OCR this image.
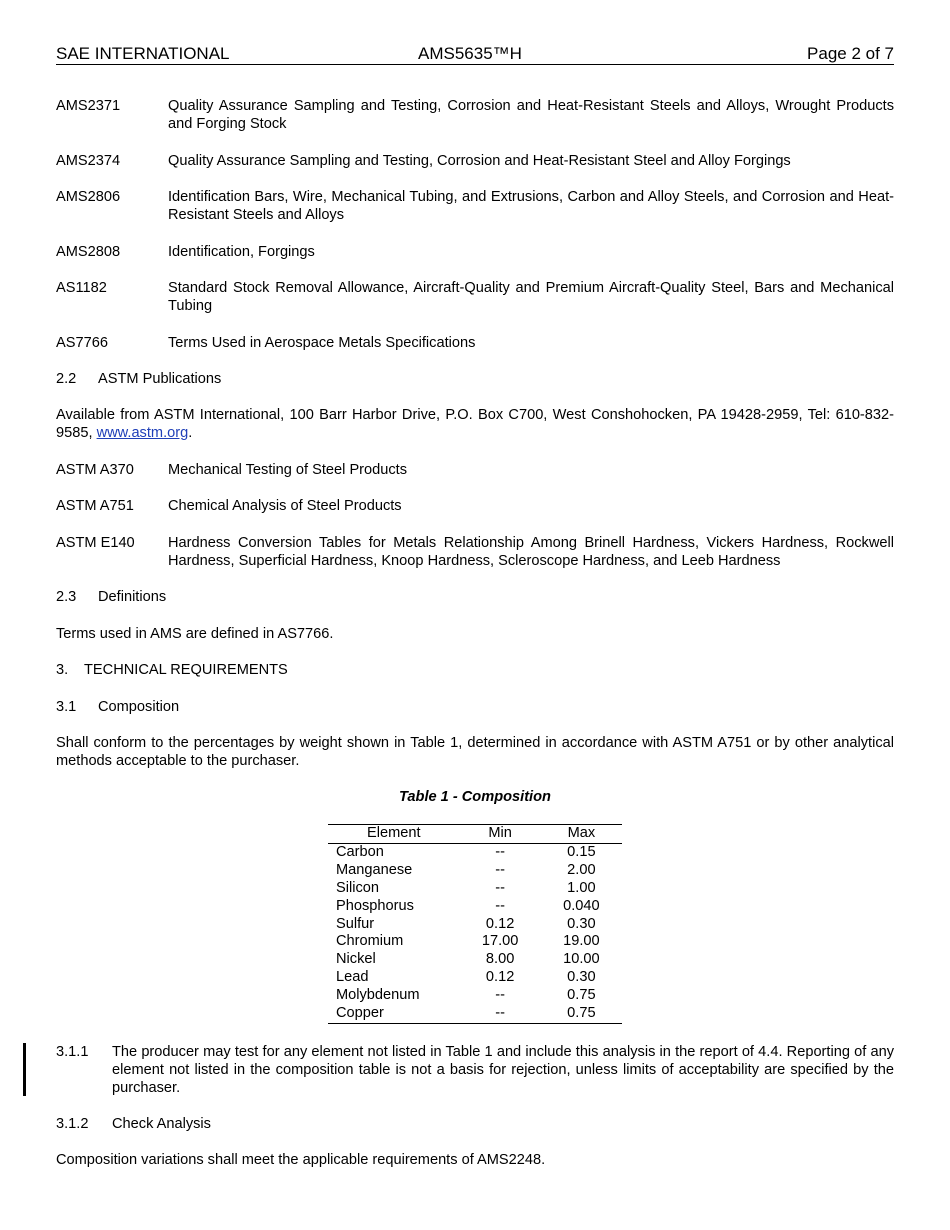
SAE INTERNATIONAL	AMS5635™H	Page 2 of 7
AMS2371	Quality Assurance Sampling and Testing, Corrosion and Heat-Resistant Steels and Alloys, Wrought Products and Forging Stock
AMS2374	Quality Assurance Sampling and Testing, Corrosion and Heat-Resistant Steel and Alloy Forgings
AMS2806	Identification Bars, Wire, Mechanical Tubing, and Extrusions, Carbon and Alloy Steels, and Corrosion and Heat-Resistant Steels and Alloys
AMS2808	Identification, Forgings
AS1182	Standard Stock Removal Allowance, Aircraft-Quality and Premium Aircraft-Quality Steel, Bars and Mechanical Tubing
AS7766	Terms Used in Aerospace Metals Specifications
2.2 ASTM Publications
Available from ASTM International, 100 Barr Harbor Drive, P.O. Box C700, West Conshohocken, PA 19428-2959, Tel: 610-832-9585, www.astm.org.
ASTM A370 Mechanical Testing of Steel Products
ASTM A751 Chemical Analysis of Steel Products
ASTM E140 Hardness Conversion Tables for Metals Relationship Among Brinell Hardness, Vickers Hardness, Rockwell Hardness, Superficial Hardness, Knoop Hardness, Scleroscope Hardness, and Leeb Hardness
2.3 Definitions
Terms used in AMS are defined in AS7766.
3. TECHNICAL REQUIREMENTS
3.1 Composition
Shall conform to the percentages by weight shown in Table 1, determined in accordance with ASTM A751 or by other analytical methods acceptable to the purchaser.
Table 1 - Composition
Element	Min	Max
Carbon	--	0.15
Manganese	--	2.00
Silicon	--	1.00
Phosphorus	--	0.040
Sulfur	0.12	0.30
Chromium	17.00	19.00
Nickel	8.00	10.00
Lead	0.12	0.30
Molybdenum	--	0.75
Copper	--	0.75
3.1.1 The producer may test for any element not listed in Table 1 and include this analysis in the report of 4.4. Reporting of any element not listed in the composition table is not a basis for rejection, unless limits of acceptability are specified by the purchaser.
3.1.2 Check Analysis
Composition variations shall meet the applicable requirements of AMS2248.
